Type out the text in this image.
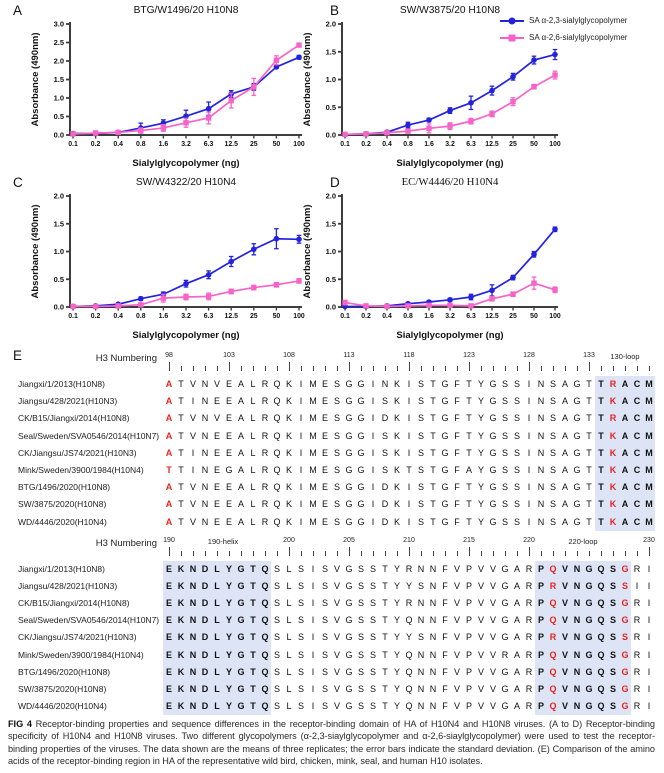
A	B
C	D
BTG/W1496/20 H10N8
Absorbance (490nm)
Sialylglycopolymer (ng)
0.0
0.5
1.0
1.5
2.0
2.5
3.0
0.1 0.2 0.4 0.8 1.6 3.2 6.3 12.5 25 50 100
SW/W3875/20 H10N8
Absorbance (490nm)
Sialylglycopolymer (ng)
0.0
0.5
1.0
1.5
2.0
0.1 0.2 0.4 0.8 1.6 3.2 6.3 12.5 25 50 100
SW/W4322/20 H10N4
Absorbance (490nm)
Sialylglycopolymer (ng)
0.0
0.5
1.0
1.5
2.0
0.1 0.2 0.4 0.8 1.6 3.2 6.3 12.5 25 50 100
EC/W4446/20 H10N4
Absorbance (490nm)
Sialylglycopolymer (ng)
0.0
0.5
1.0
1.5
2.0
0.1 0.2 0.4 0.8 1.6 3.2 6.3 12.5 25 50 100
SA α-2,3-sialylglycopolymer
SA α-2,6-sialylglycopolymer
E	H3 Numbering	98	103	108	113	118	123	128	133	130-loop
Jiangxi/1/2013(H10N8)	A T V N V E A L R Q K I M E S G G I N K I S T G F T Y G S S I N S A G T T R A C M
Jiangsu/428/2021(H10N3)	A T I N E E A L R Q K I M E S G G I S K I S T G F T Y G S S I N S A G T T K A C M
CK/B15/Jiangxi/2014(H10N8)	A T V N V E A L R Q K I M E S G G I D K I S T G F T Y G S S I N S A G T T R A C M
Seal/Sweden/SVA0546/2014(H10N7) A T V N E E A L R Q K I M E S G G I S K I S T G F T Y G S S I N S A G T T K A C M
CK/Jiangsu/JS74/2021(H10N3)	A T I N E E A L R Q K I M E S G G I S K I S T G F T Y G S S I N S A G T T K A C M
Mink/Sweden/3900/1984(H10N4)	T T I N E G A L R Q K I M E S G G I S K T S T G F A Y G S S I N S A G T T K A C M
BTG/1496/2020(H10N8)	A T V N E E A L R Q K I M E S G G I D K I S T G F T Y G S S I N S A G T T K A C M
SW/3875/2020(H10N8)	A T V N E E A L R Q K I M E S G G I D K I S T G F T Y G S S I N S A G T T K A C M
WD/4446/2020(H10N4)	A T V N E E A L R Q K I M E S G G I D K I S T G F T Y G S S I N S A G T T K A C M
H3 Numbering 190	200	205	210	215	220	230
190-helix	220-loop
Jiangxi/1/2013(H10N8)	E K N D L Y G T Q S L S I S V G S S T Y R N N F V P V V G A R P Q V N G Q S G R I
Jiangsu/428/2021(H10N3)	E K N D L Y G T Q S L S I S V G S S T Y Y S N F V P V V G A R P R V N G Q S S I	I
CK/B15/Jiangxi/2014(H10N8)	E K N D L Y G T Q S L S I S V G S S T Y R N N F V P V V G A R P Q V N G Q S G R I
Seal/Sweden/SVA0546/2014(H10N7) E K N D L Y G T Q S L S I S V G S S T Y Q N N F V P V V G A R P Q V N G Q S G R I
CK/Jiangsu/JS74/2021(H10N3)	E K N D L Y G T Q S L S I S V G S S T Y Y S N F V P V V G A R P R V N G Q S S R I
Mink/Sweden/3900/1984(H10N4)	E K N D L Y G T Q S L S I S V G S S T Y Q N N F V P V V R A R P Q V N G Q S G R I
BTG/1496/2020(H10N8)	E K N D L Y G T Q S L S I S V G S S T Y Q N N F V P V V G A R P Q V N G Q S G R I
SW/3875/2020(H10N8)	E K N D L Y G T Q S L S I S V G S S T Y Q N N F V P V V G A R P Q V N G Q S G R I
WD/4446/2020(H10N4)	E K N D L Y G T Q S L S I S V G S S T Y Q N N F V P V V G A R P Q V N G Q S G R I

FIG 4 Receptor-binding properties and sequence differences in the receptor-binding domain of HA of H10N4 and H10N8 viruses. (A to D) Receptor-binding specificity of H10N4 and H10N8 viruses. Two different glycopolymers (α-2,3-siaylglycopolymer and α-2,6-siaylglycopolymer) were used to test the receptor-binding properties of the viruses. The data shown are the means of three replicates; the error bars indicate the standard deviation. (E) Comparison of the amino acids of the receptor-binding region in HA of the representative wild bird, chicken, mink, seal, and human H10 isolates.
